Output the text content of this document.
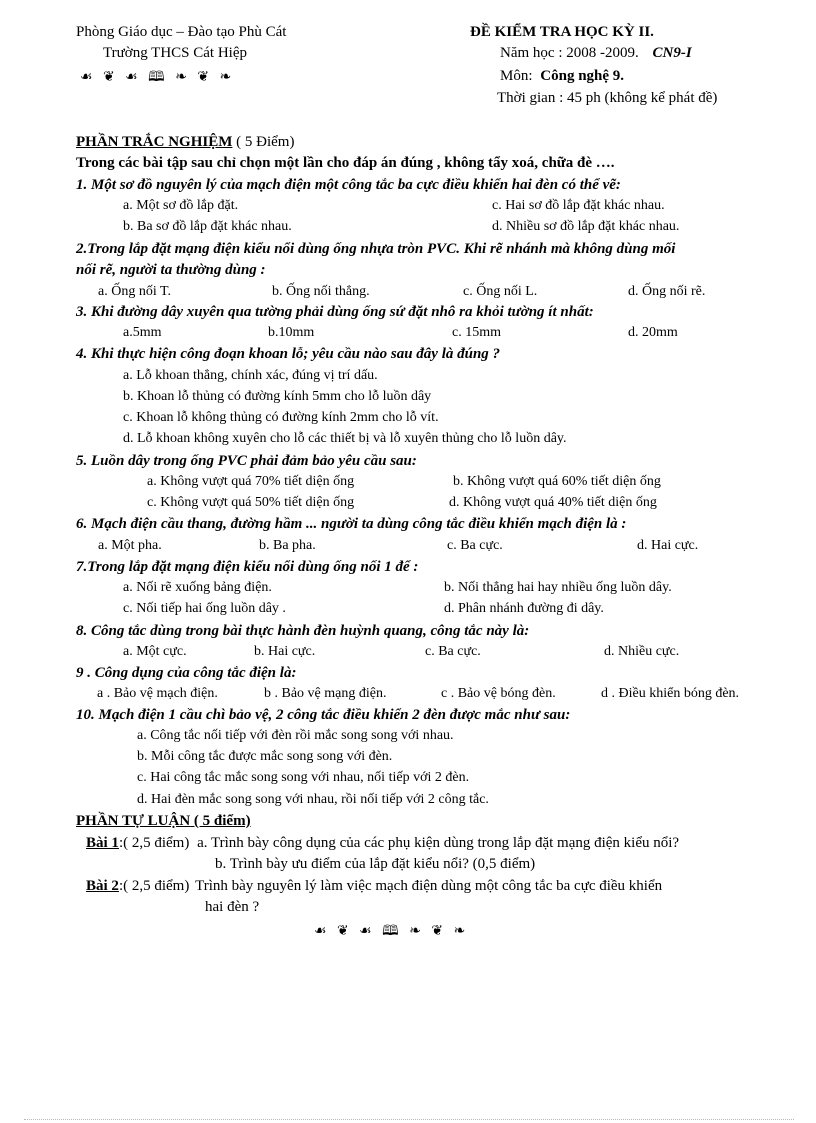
Phòng Giáo dục – Đào tạo Phù Cát
Trường THCS Cát Hiệp
☙ ❦ ☙ 🕮 ❧ ❦ ❧
ĐỀ KIỂM TRA HỌC KỲ II.
Năm học : 2008 -2009. CN9-I
Môn: Công nghệ 9.
Thời gian : 45 ph (không kể phát đề)
PHẦN TRẮC NGHIỆM ( 5 Điểm)
Trong các bài tập sau chỉ chọn một lần cho đáp án đúng , không tẩy xoá, chữa đè ….
1. Một sơ đồ nguyên lý của mạch điện một công tắc ba cực điều khiển hai đèn có thể vẽ:
a. Một sơ đồ lắp đặt.	c. Hai sơ đồ lắp đặt khác nhau.
b. Ba sơ đồ lắp đặt khác nhau.	d. Nhiều sơ đồ lắp đặt khác nhau.
2.Trong lắp đặt mạng điện kiểu nổi dùng ống nhựa tròn PVC. Khi rẽ nhánh mà không dùng mối
nối rẽ, người ta thường dùng :
a. Ống nối T.	b. Ống nối thẳng.	c. Ống nối L.	d. Ống nối rẽ.
3. Khi đường dây xuyên qua tường phải dùng ống sứ đặt nhô ra khỏi tường ít nhất:
a.5mm	b.10mm	c. 15mm	d. 20mm
4. Khi thực hiện công đoạn khoan lỗ; yêu cầu nào sau đây là đúng ?
a. Lỗ khoan thẳng, chính xác, đúng vị trí dấu.
b. Khoan lỗ thủng có đường kính 5mm cho lỗ luồn dây
c. Khoan lỗ không thủng có đường kính 2mm cho lỗ vít.
d. Lỗ khoan không xuyên cho lỗ các thiết bị và lỗ xuyên thủng cho lỗ luồn dây.
5. Luồn dây trong ống PVC phải đảm bảo yêu cầu sau:
a. Không vượt quá 70% tiết diện ống	b. Không vượt quá 60% tiết diện ống
c. Không vượt quá 50% tiết diện ống	d. Không vượt quá 40% tiết diện ống
6. Mạch điện cầu thang, đường hầm ... người ta dùng công tắc điều khiển mạch điện là :
a. Một pha.	b. Ba pha.	c. Ba cực.	d. Hai cực.
7.Trong lắp đặt mạng điện kiểu nổi dùng ống nối 1 để :
a. Nối rẽ xuống bảng điện.	b. Nối thẳng hai hay nhiều ống luồn dây.
c. Nối tiếp hai ống luồn dây .	d. Phân nhánh đường đi dây.
8. Công tắc dùng trong bài thực hành đèn huỳnh quang, công tắc này là:
a. Một cực.	b. Hai cực.	c. Ba cực.	d. Nhiều cực.
9 . Công dụng của công tắc điện là:
a . Bảo vệ mạch điện.	b . Bảo vệ mạng điện.	c . Bảo vệ bóng đèn.	d . Điều khiển bóng đèn.
10. Mạch điện 1 cầu chì bảo vệ, 2 công tắc điều khiển 2 đèn được mắc như sau:
a. Công tắc nối tiếp với đèn rồi mắc song song với nhau.
b. Mỗi công tắc được mắc song song với đèn.
c. Hai công tắc mắc song song với nhau, nối tiếp với 2 đèn.
d. Hai đèn mắc song song với nhau, rồi nối tiếp với 2 công tắc.
PHẦN TỰ LUẬN ( 5 điểm)
Bài 1:( 2,5 điểm) a. Trình bày công dụng của các phụ kiện dùng trong lắp đặt mạng điện kiểu nổi?
b. Trình bày ưu điểm của lắp đặt kiểu nổi? (0,5 điểm)
Bài 2:( 2,5 điểm) Trình bày nguyên lý làm việc mạch điện dùng một công tắc ba cực điều khiển
hai đèn ?
☙ ❦ ☙ 🕮 ❧ ❦ ❧
